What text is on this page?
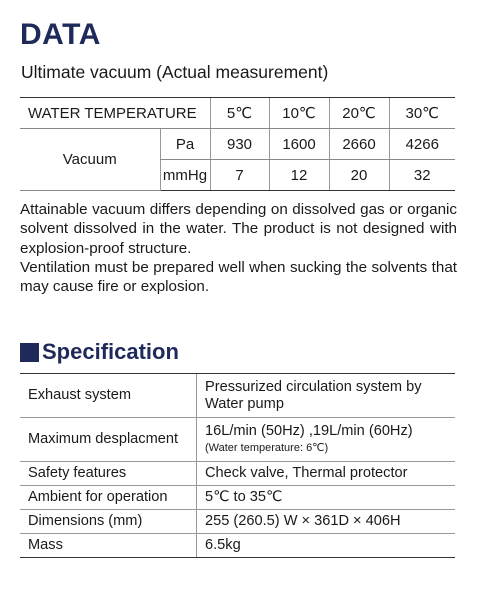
DATA
Ultimate vacuum (Actual measurement)
WATER TEMPERATURE		5℃	10℃	20℃	30℃
Vacuum	Pa	930	1600	2660	4266
	mmHg	7	12	20	32

Attainable vacuum differs depending on dissolved gas or organic solvent dissolved in the water. The product is not designed with explosion-proof structure.

Ventilation must be prepared well when sucking the solvents that may cause fire or explosion.

Specification
Exhaust system	Pressurized circulation system by Water pump
Maximum desplacment	16L/min (50Hz) ,19L/min (60Hz)
(Water temperature: 6℃)

Safety features	Check valve, Thermal protector
Ambient for operation	5℃ to 35℃
Dimensions (mm)	255 (260.5) W × 361D × 406H
Mass	6.5kg
